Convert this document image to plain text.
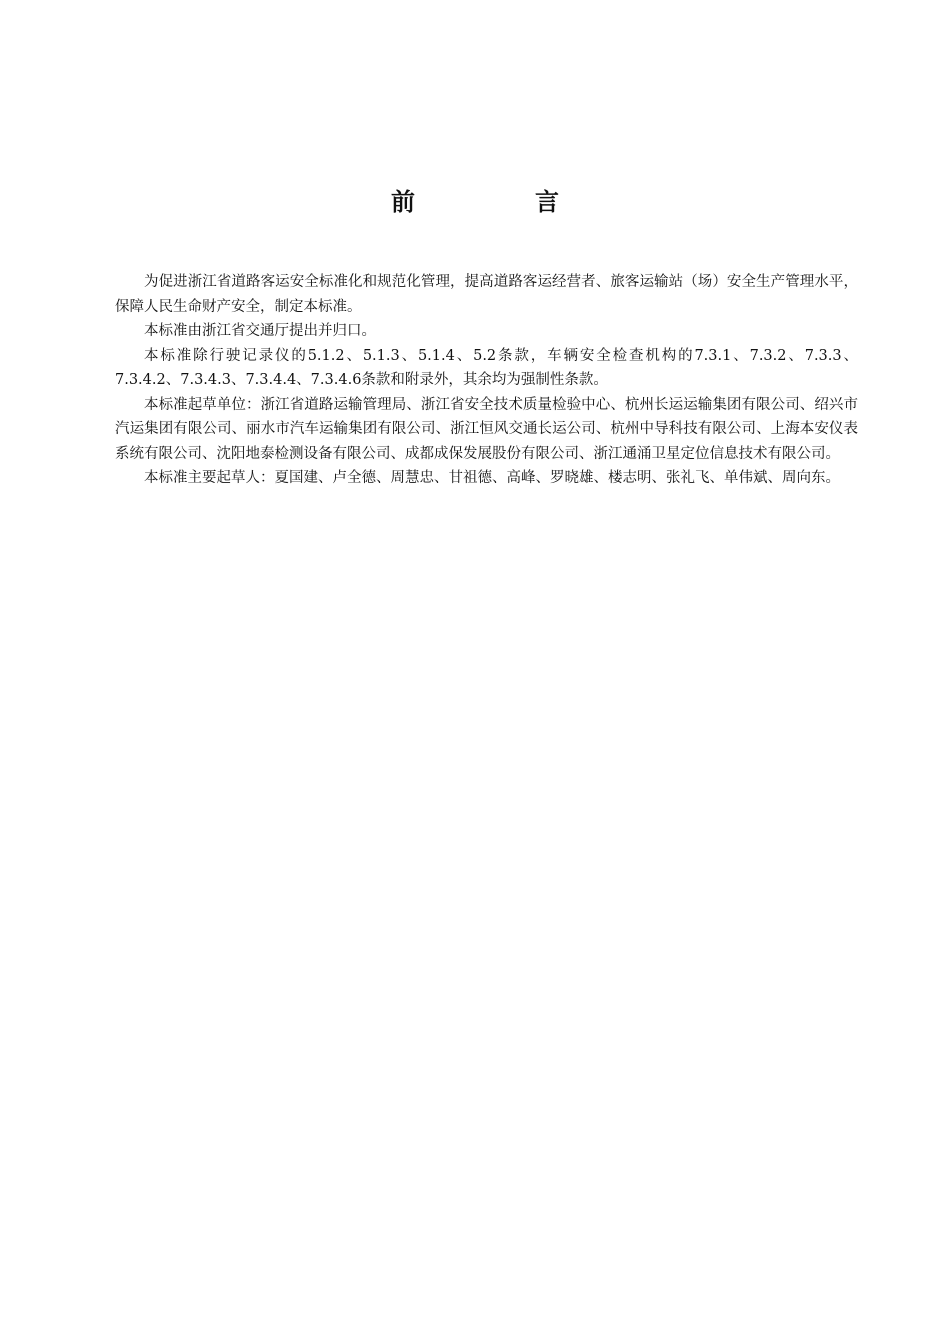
前　言

为促进浙江省道路客运安全标准化和规范化管理，提高道路客运经营者、旅客运输站（场）安全生产管理水平，保障人民生命财产安全，制定本标准。

本标准由浙江省交通厅提出并归口。

本标准除行驶记录仪的5.1.2、5.1.3、5.1.4、5.2条款，车辆安全检查机构的7.3.1、7.3.2、7.3.3、7.3.4.2、7.3.4.3、7.3.4.4、7.3.4.6条款和附录外，其余均为强制性条款。

本标准起草单位：浙江省道路运输管理局、浙江省安全技术质量检验中心、杭州长运运输集团有限公司、绍兴市汽运集团有限公司、丽水市汽车运输集团有限公司、浙江恒风交通长运公司、杭州中导科技有限公司、上海本安仪表系统有限公司、沈阳地泰检测设备有限公司、成都成保发展股份有限公司、浙江通涌卫星定位信息技术有限公司。

本标准主要起草人：夏国建、卢全德、周慧忠、甘祖德、高峰、罗晓雄、楼志明、张礼飞、单伟斌、周向东。
